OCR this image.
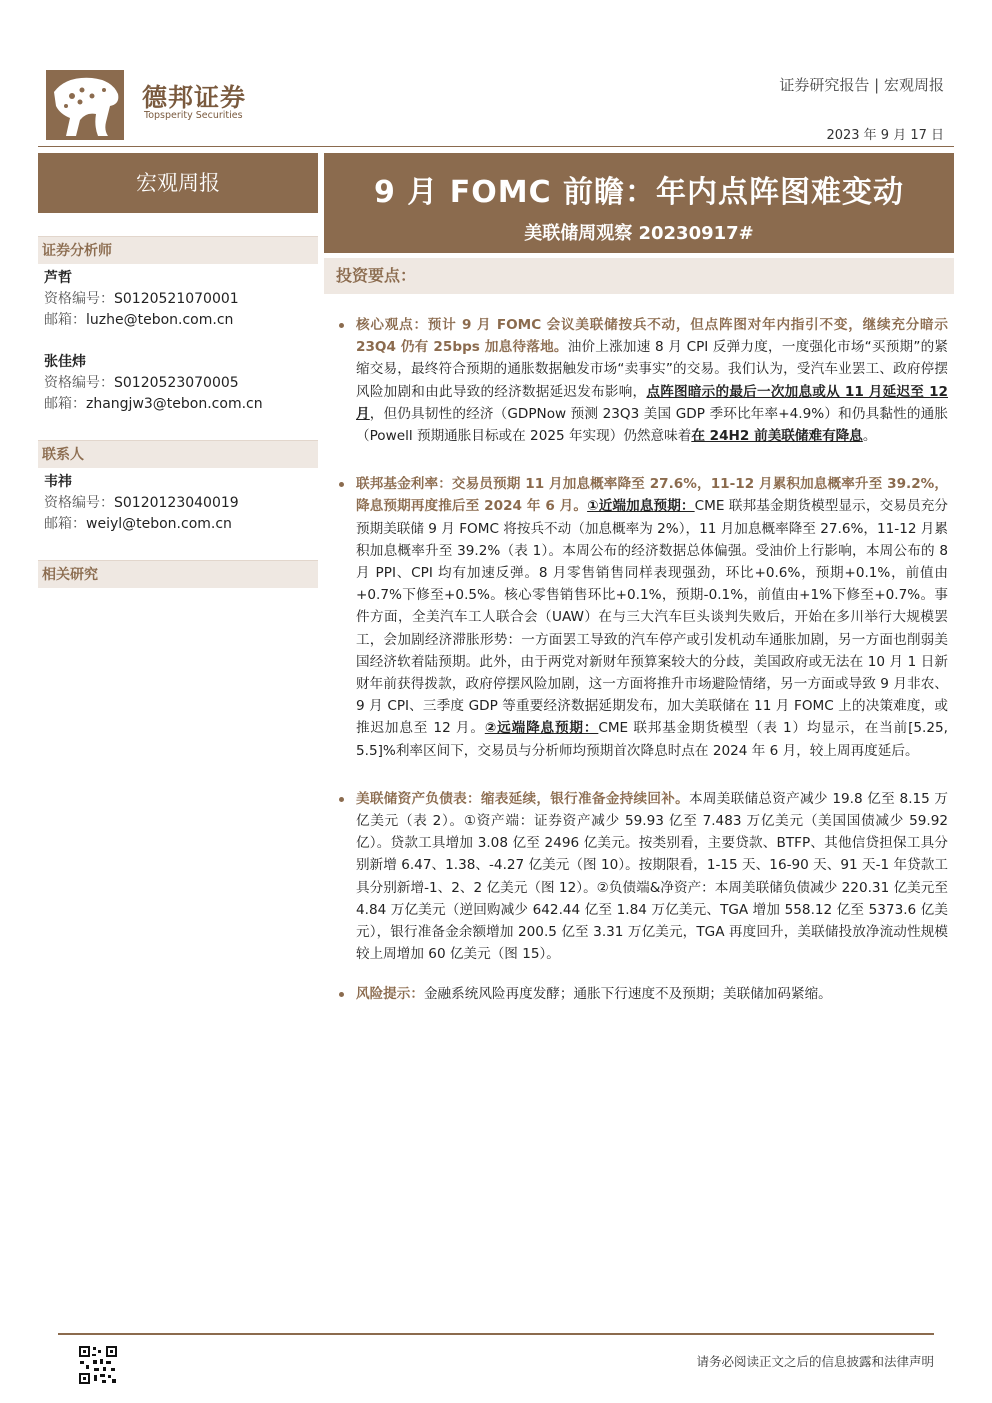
德邦证券
Topsperity Securities
证券研究报告 | 宏观周报
2023 年 9 月 17 日
宏观周报	9 月 FOMC 前瞻：年内点阵图难变动
美联储周观察 20230917#
证券分析师
芦哲
资格编号：S0120521070001
邮箱：luzhe@tebon.com.cn
张佳炜
资格编号：S0120523070005
邮箱：zhangjw3@tebon.com.cn
联系人
韦祎
资格编号：S0120123040019
邮箱：weiyl@tebon.com.cn
相关研究
投资要点：
核心观点：预计 9 月 FOMC 会议美联储按兵不动，但点阵图对年内指引不变，继续充分暗示 23Q4 仍有 25bps 加息待落地。油价上涨加速 8 月 CPI 反弹力度，一度强化市场“买预期”的紧缩交易，最终符合预期的通胀数据触发市场“卖事实”的交易。我们认为，受汽车业罢工、政府停摆风险加剧和由此导致的经济数据延迟发布影响，点阵图暗示的最后一次加息或从 11 月延迟至 12 月，但仍具韧性的经济（GDPNow 预测 23Q3 美国 GDP 季环比年率+4.9%）和仍具黏性的通胀（Powell 预期通胀目标或在 2025 年实现）仍然意味着在 24H2 前美联储难有降息。
联邦基金利率：交易员预期 11 月加息概率降至 27.6%，11-12 月累积加息概率升至 39.2%，降息预期再度推后至 2024 年 6 月。①近端加息预期：CME 联邦基金期货模型显示，交易员充分预期美联储 9 月 FOMC 将按兵不动（加息概率为 2%），11 月加息概率降至 27.6%，11-12 月累积加息概率升至 39.2%（表 1）。本周公布的经济数据总体偏强。受油价上行影响，本周公布的 8 月 PPI、CPI 均有加速反弹。8 月零售销售同样表现强劲，环比+0.6%，预期+0.1%，前值由+0.7%下修至+0.5%。核心零售销售环比+0.1%，预期-0.1%，前值由+1%下修至+0.7%。事件方面，全美汽车工人联合会（UAW）在与三大汽车巨头谈判失败后，开始在多川举行大规模罢工，会加剧经济滞胀形势：一方面罢工导致的汽车停产或引发机动车通胀加剧，另一方面也削弱美国经济软着陆预期。此外，由于两党对新财年预算案较大的分歧，美国政府或无法在 10 月 1 日新财年前获得拨款，政府停摆风险加剧，这一方面将推升市场避险情绪，另一方面或导致 9 月非农、9 月 CPI、三季度 GDP 等重要经济数据延期发布，加大美联储在 11 月 FOMC 上的决策难度，或推迟加息至 12 月。②远端降息预期：CME 联邦基金期货模型（表 1）均显示，在当前[5.25, 5.5]%利率区间下，交易员与分析师均预期首次降息时点在 2024 年 6 月，较上周再度延后。
美联储资产负债表：缩表延续，银行准备金持续回补。本周美联储总资产减少 19.8 亿至 8.15 万亿美元（表 2）。①资产端：证券资产减少 59.93 亿至 7.483 万亿美元（美国国债减少 59.92 亿）。贷款工具增加 3.08 亿至 2496 亿美元。按类别看，主要贷款、BTFP、其他信贷担保工具分别新增 6.47、1.38、-4.27 亿美元（图 10）。按期限看，1-15 天、16-90 天、91 天-1 年贷款工具分别新增-1、2、2 亿美元（图 12）。②负债端&净资产：本周美联储负债减少 220.31 亿美元至 4.84 万亿美元（逆回购减少 642.44 亿至 1.84 万亿美元、TGA 增加 558.12 亿至 5373.6 亿美元），银行准备金余额增加 200.5 亿至 3.31 万亿美元，TGA 再度回升，美联储投放净流动性规模较上周增加 60 亿美元（图 15）。
风险提示：金融系统风险再度发酵；通胀下行速度不及预期；美联储加码紧缩。
请务必阅读正文之后的信息披露和法律声明
